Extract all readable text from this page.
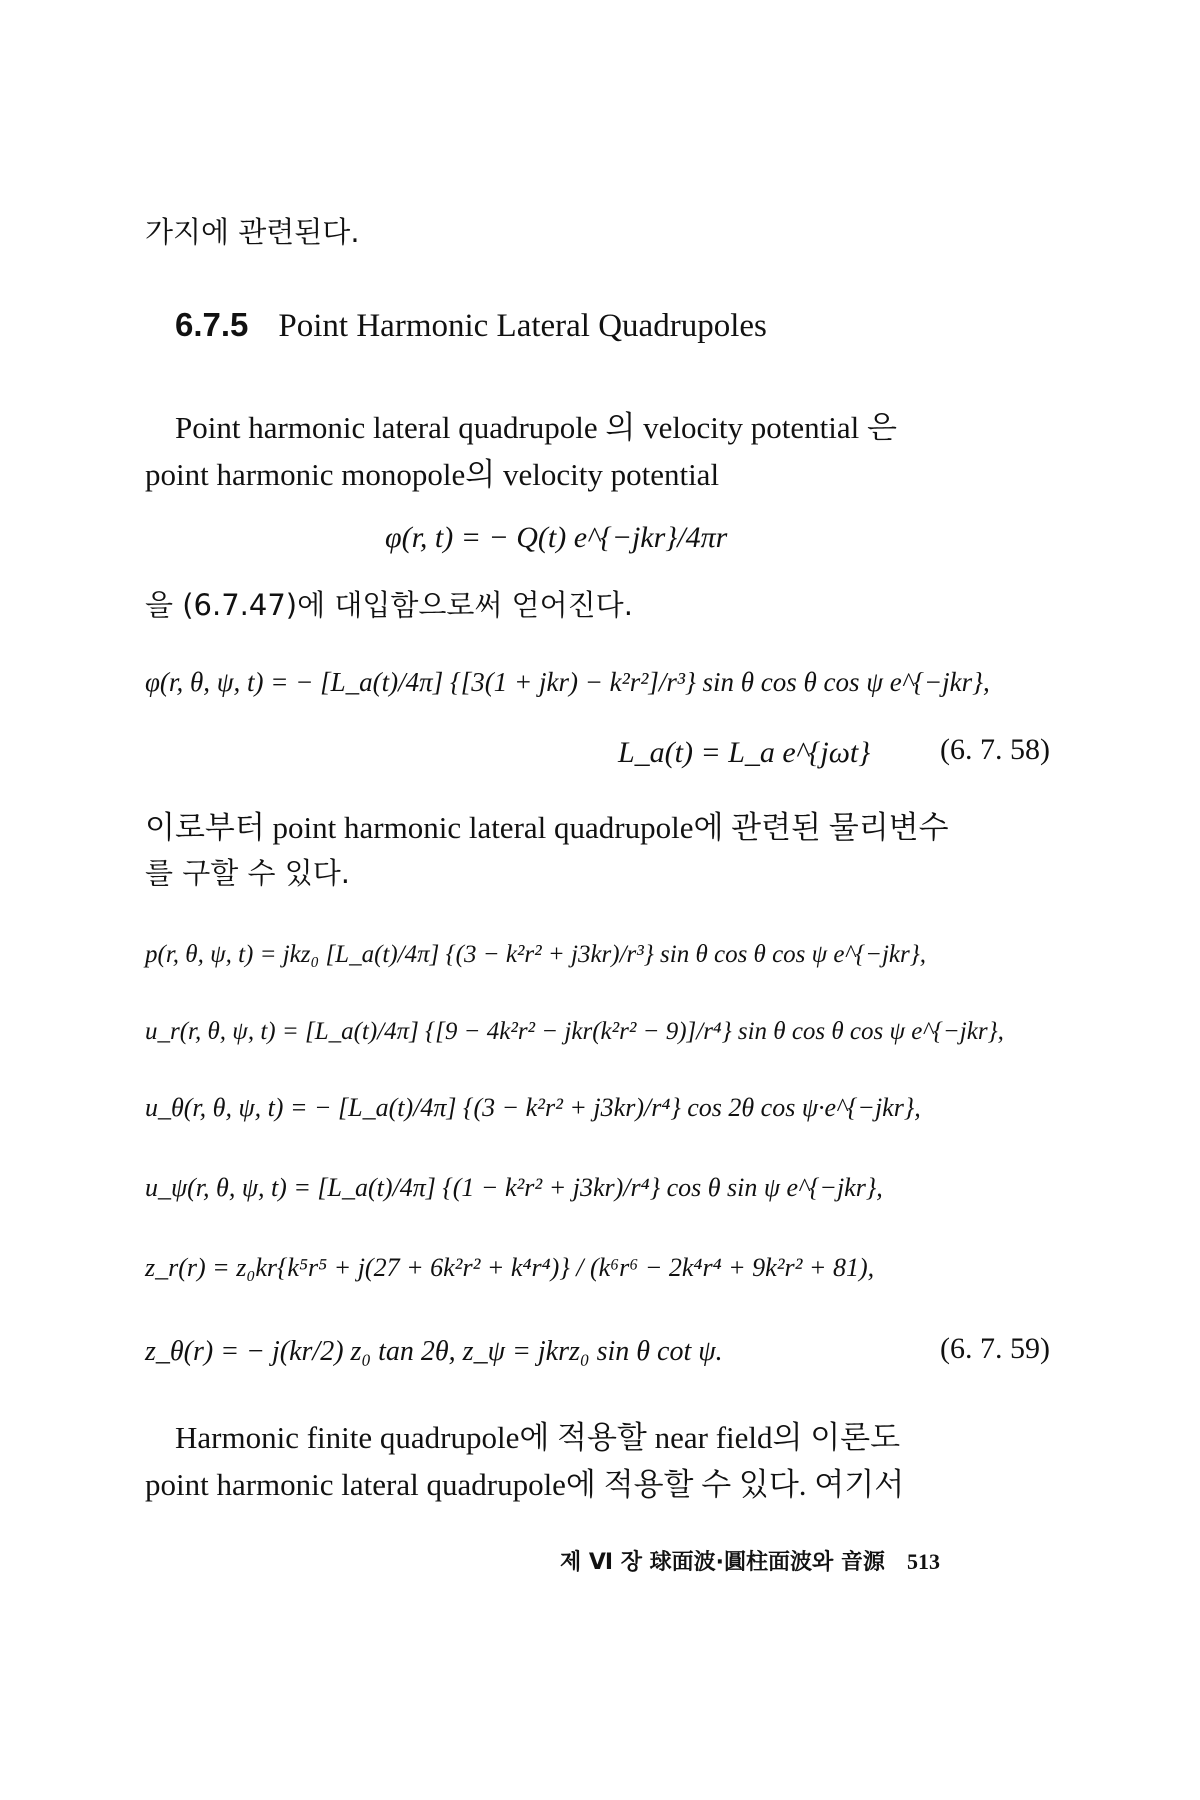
가지에 관련된다.
6.7.5 Point Harmonic Lateral Quadrupoles
Point harmonic lateral quadrupole 의 velocity potential 은
point harmonic monopole의 velocity potential
φ(r, t) = − Q(t) e^{−jkr}/4πr
을 (6.7.47)에 대입함으로써 얻어진다.
φ(r, θ, ψ, t) = − [L_a(t)/4π] {[3(1 + jkr) − k²r²]/r³} sin θ cos θ cos ψ e^{−jkr},
L_a(t) = L_a e^{jωt} (6. 7. 58)
이로부터 point harmonic lateral quadrupole에 관련된 물리변수
를 구할 수 있다.
p(r, θ, ψ, t) = jkz₀ [L_a(t)/4π] {(3 − k²r² + j3kr)/r³} sin θ cos θ cos ψ e^{−jkr},
u_r(r, θ, ψ, t) = [L_a(t)/4π] {[9 − 4k²r² − jkr(k²r² − 9)]/r⁴} sin θ cos θ cos ψ e^{−jkr},
u_θ(r, θ, ψ, t) = − [L_a(t)/4π] {(3 − k²r² + j3kr)/r⁴} cos 2θ cos ψ·e^{−jkr},
u_ψ(r, θ, ψ, t) = [L_a(t)/4π] {(1 − k²r² + j3kr)/r⁴} cos θ sin ψ e^{−jkr},
z_r(r) = z₀kr{k⁵r⁵ + j(27 + 6k²r² + k⁴r⁴)} / (k⁶r⁶ − 2k⁴r⁴ + 9k²r² + 81),
z_θ(r) = − j(kr/2) z₀ tan 2θ, z_ψ = jkrz₀ sin θ cot ψ.	(6. 7. 59)
Harmonic finite quadrupole에 적용할 near field의 이론도
point harmonic lateral quadrupole에 적용할 수 있다. 여기서
제 Ⅵ 장 球面波·圓柱面波와 音源 513
